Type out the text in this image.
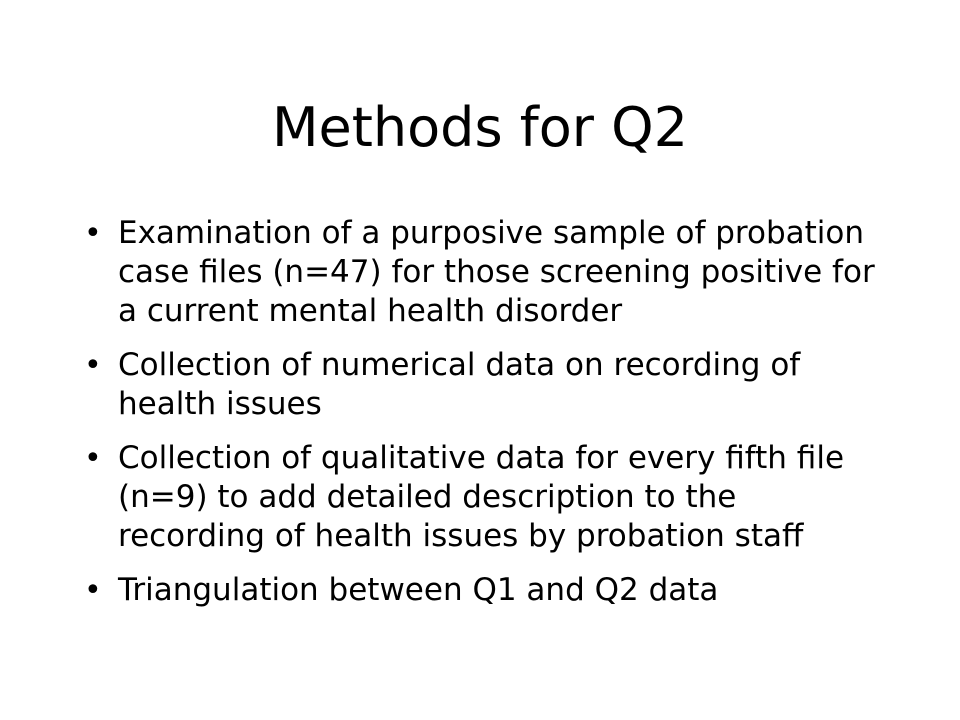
Methods for Q2
• Examination of a purposive sample of probation case files (n=47) for those screening positive for a current mental health disorder
• Collection of numerical data on recording of health issues
• Collection of qualitative data for every fifth file (n=9) to add detailed description to the recording of health issues by probation staff
• Triangulation between Q1 and Q2 data
